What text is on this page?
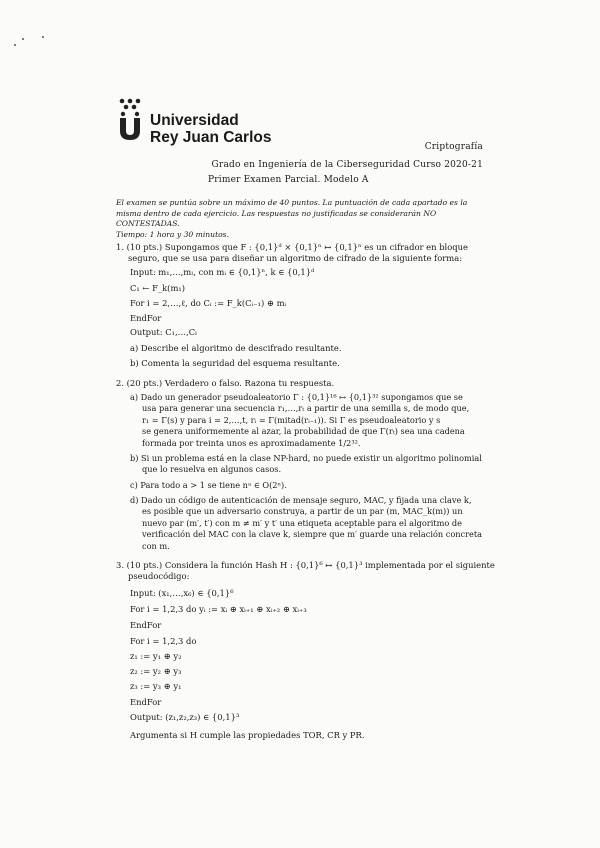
Universidad
Rey Juan Carlos
Criptografía
Grado en Ingeniería de la Ciberseguridad Curso 2020-21
Primer Examen Parcial. Modelo A
El examen se puntúa sobre un máximo de 40 puntos. La puntuación de cada apartado es la
misma dentro de cada ejercicio. Las respuestas no justificadas se considerarán NO CONTESTADAS.
Tiempo: 1 hora y 30 minutos.
1. (10 pts.) Supongamos que F : {0,1}ᵈ × {0,1}ⁿ ↦ {0,1}ⁿ es un cifrador en bloque
seguro, que se usa para diseñar un algoritmo de cifrado de la siguiente forma:
Input: m₁,…,mₗ, con mᵢ ∈ {0,1}ⁿ, k ∈ {0,1}ᵈ
C₁ ← F_k(m₁)
For i = 2,…,ℓ, do Cᵢ := F_k(Cᵢ₋₁) ⊕ mᵢ
EndFor
Output: C₁,…,Cₗ
a) Describe el algoritmo de descifrado resultante.
b) Comenta la seguridad del esquema resultante.
2. (20 pts.) Verdadero o falso. Razona tu respuesta.
a) Dado un generador pseudoaleatorio Γ : {0,1}¹⁶ ↦ {0,1}³² supongamos que se
usa para generar una secuencia r₁,…,rₜ a partir de una semilla s, de modo que,
r₁ = Γ(s) y para i = 2,…,t, rᵢ = Γ(mitad(rᵢ₋₁)). Si Γ es pseudoaleatorio y s
se genera uniformemente al azar, la probabilidad de que Γ(rₜ) sea una cadena
formada por treinta unos es aproximadamente 1/2³².
b) Si un problema está en la clase NP-hard, no puede existir un algoritmo polinomial
que lo resuelva en algunos casos.
c) Para todo a > 1 se tiene nᵃ ∈ O(2ⁿ).
d) Dado un código de autenticación de mensaje seguro, MAC, y fijada una clave k,
es posible que un adversario construya, a partir de un par (m, MAC_k(m)) un
nuevo par (m′, t′) con m ≠ m′ y t′ una etiqueta aceptable para el algoritmo de
verificación del MAC con la clave k, siempre que m′ guarde una relación concreta
con m.
3. (10 pts.) Considera la función Hash H : {0,1}⁶ ↦ {0,1}³ implementada por el siguiente
pseudocódigo:
Input: (x₁,…,x₆) ∈ {0,1}⁶
For i = 1,2,3 do yᵢ := xᵢ ⊕ xᵢ₊₁ ⊕ xᵢ₊₂ ⊕ xᵢ₊₃
EndFor
For i = 1,2,3 do
z₁ := y₁ ⊕ y₂
z₂ := y₂ ⊕ y₃
z₃ := y₃ ⊕ y₁
EndFor
Output: (z₁,z₂,z₃) ∈ {0,1}³
Argumenta si H cumple las propiedades TOR, CR y PR.
